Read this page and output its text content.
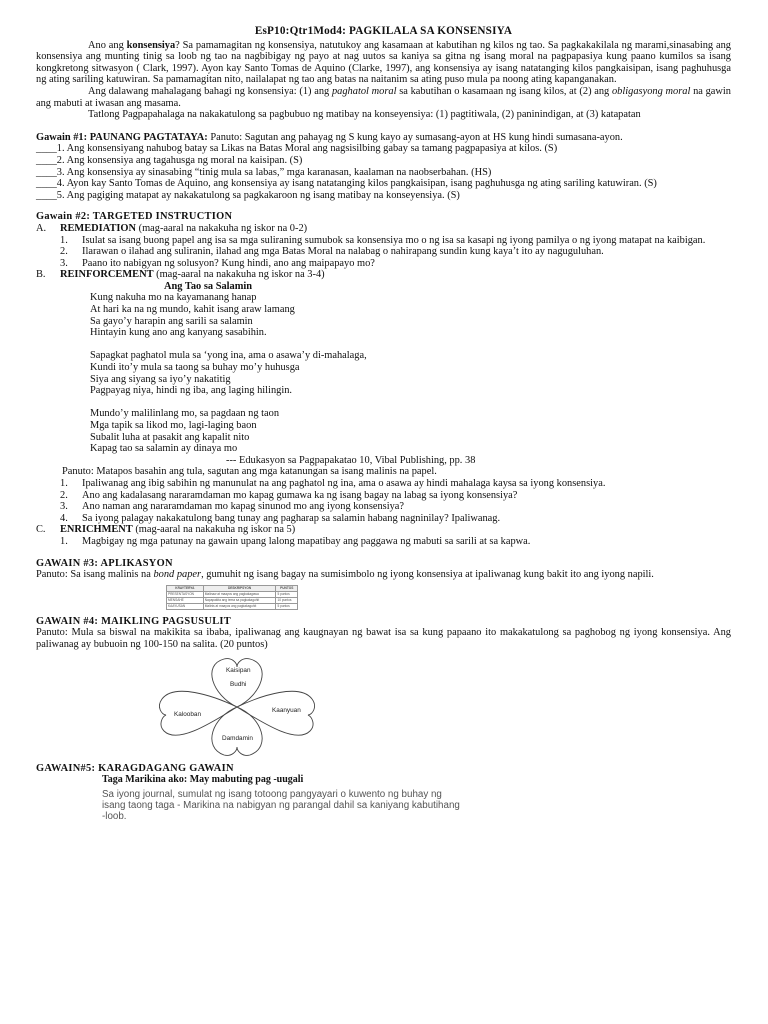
EsP10:Qtr1Mod4: PAGKILALA SA KONSENSIYA

Ano ang konsensiya? Sa pamamagitan ng konsensiya, natutukoy ang kasamaan at kabutihan ng kilos ng tao. Sa pagkakakilala ng marami,sinasabing ang konsensiya ang munting tinig sa loob ng tao na nagbibigay ng payo at nag uutos sa kaniya sa gitna ng isang moral na pagpapasiya kung paano kumilos sa isang kongkretong sitwasyon ( Clark, 1997). Ayon kay Santo Tomas de Aquino (Clarke, 1997), ang konsensiya ay isang natatanging kilos pangkaisipan, isang paghuhusga ng ating sariling katuwiran. Sa pamamagitan nito, nailalapat ng tao ang batas na naitanim sa ating puso mula pa noong ating kapanganakan.

Ang dalawang mahalagang bahagi ng konsensiya: (1) ang paghatol moral sa kabutihan o kasamaan ng isang kilos, at (2) ang obligasyong moral na gawin ang mabuti at iwasan ang masama.

Tatlong Pagpapahalaga na nakakatulong sa pagbubuo ng matibay na konseyensiya: (1) pagtitiwala, (2) paninindigan, at (3) katapatan

Gawain #1: PAUNANG PAGTATAYA: Panuto: Sagutan ang pahayag ng S kung kayo ay sumasang-ayon at HS kung hindi sumasana-ayon.

____ 1. Ang konsensiyang nahubog batay sa Likas na Batas Moral ang nagsisilbing gabay sa tamang pagpapasiya at kilos. (S)
____ 2. Ang konsensiya ang tagahusga ng moral na kaisipan. (S)
____ 3. Ang konsensiya ay sinasabing “tinig mula sa labas,” mga karanasan, kaalaman na naobserbahan. (HS)
____ 4. Ayon kay Santo Tomas de Aquino, ang konsensiya ay isang natatanging kilos pangkaisipan, isang paghuhusga ng ating sariling katuwiran. (S)
____ 5. Ang pagiging matapat ay nakakatulong sa pagkakaroon ng isang matibay na konseyensiya. (S)
Gawain #2: TARGETED INSTRUCTION
A.	REMEDIATION (mag-aaral na nakakuha ng iskor na 0-2)
1.	Isulat sa isang buong papel ang isa sa mga suliraning sumubok sa konsensiya mo o ng isa sa kasapi ng iyong pamilya o ng iyong matapat na kaibigan.
2.	Ilarawan o ilahad ang suliranin, ilahad ang mga Batas Moral na nalabag o nahirapang sundin kung kaya’t ito ay naguguluhan.
3.	Paano ito nabigyan ng solusyon? Kung hindi, ano ang maipapayo mo?
B.	REINFORCEMENT (mag-aaral na nakakuha ng iskor na 3-4)
Ang Tao sa Salamin
Kung nakuha mo na kayamanang hanap
At hari ka na ng mundo, kahit isang araw lamang
Sa gayo’y harapin ang sarili sa salamin
Hintayin kung ano ang kanyang sasabihin.
Sapagkat paghatol mula sa ‘yong ina, ama o asawa’y di-mahalaga,
Kundi ito’y mula sa taong sa buhay mo’y huhusga
Siya ang siyang sa iyo’y nakatitig
Pagpayag niya, hindi ng iba, ang laging hilingin.
Mundo’y malilinlang mo, sa pagdaan ng taon
Mga tapik sa likod mo, lagi-laging baon
Subalit luha at pasakit ang kapalit nito
Kapag tao sa salamin ay dinaya mo
--- Edukasyon sa Pagpapakatao 10, Vibal Publishing, pp. 38
Panuto: Matapos basahin ang tula, sagutan ang mga katanungan sa isang malinis na papel.
1.	Ipaliwanag ang ibig sabihin ng manunulat na ang paghatol ng ina, ama o asawa ay hindi mahalaga kaysa sa iyong konsensiya.
2.	Ano ang kadalasang nararamdaman mo kapag gumawa ka ng isang bagay na labag sa iyong konsensiya?
3.	Ano naman ang nararamdaman mo kapag sinunod mo ang iyong konsensiya?
4.	Sa iyong palagay nakakatulong bang tunay ang pagharap sa salamin habang nagninilay? Ipaliwanag.
C.	ENRICHMENT (mag-aaral na nakakuha ng iskor na 5)
1.	Magbigay ng mga patunay na gawain upang lalong mapatibay ang paggawa ng mabuti sa sarili at sa kapwa.
GAWAIN #3: APLIKASYON

Panuto: Sa isang malinis na bond paper, gumuhit ng isang bagay na sumisimbolo ng iyong konsensiya at ipaliwanag kung bakit ito ang iyong napili.

KRAYTERYA	DESKRIPSYON	PUNTOS
PRESENTASYON	Malinaw at maayos ang pagkakagawa	5 puntos
MENSAHE	Napapakita ang tema sa pagkakaguhit	10 puntos
KAAYUSAN	Malinis at maayos ang pagkakaguhit	5 puntos
GAWAIN #4: MAIKLING PAGSUSULIT

Panuto: Mula sa biswal na makikita sa ibaba, ipaliwanag ang kaugnayan ng bawat isa sa kung papaano ito makakatulong sa paghobog ng iyong konsensiya. Ang paliwanag ay bubuoin ng 100-150 na salita. (20 puntos)

Kaisipan
Budhi
Kalooban
Kaanyuan
Damdamin
GAWAIN#5: KARAGDAGANG GAWAIN
Taga Marikina ako: May mabuting pag -uugali
Sa iyong journal, sumulat ng isang totoong pangyayari o kuwento ng buhay ng isang taong taga - Marikina na nabigyan ng parangal dahil sa kaniyang kabutihang -loob.
